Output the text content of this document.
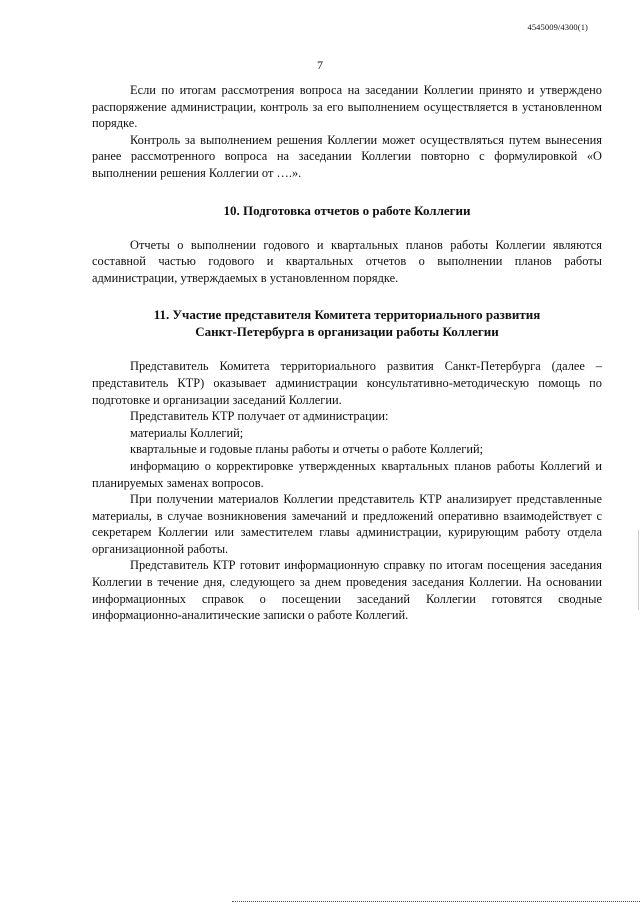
4545009/4300(1)
7

Если по итогам рассмотрения вопроса на заседании Коллегии принято и утверждено распоряжение администрации, контроль за его выполнением осуществляется в установленном порядке.

Контроль за выполнением решения Коллегии может осуществляться путем вынесения ранее рассмотренного вопроса на заседании Коллегии повторно с формулировкой «О выполнении решения Коллегии от ….».

10. Подготовка отчетов о работе Коллегии

Отчеты о выполнении годового и квартальных планов работы Коллегии являются составной частью годового и квартальных отчетов о выполнении планов работы администрации, утверждаемых в установленном порядке.

11. Участие представителя Комитета территориального развития
Санкт-Петербурга в организации работы Коллегии

Представитель Комитета территориального развития Санкт-Петербурга (далее – представитель КТР) оказывает администрации консультативно-методическую помощь по подготовке и организации заседаний Коллегии.

Представитель КТР получает от администрации:

материалы Коллегий;

квартальные и годовые планы работы и отчеты о работе Коллегий;

информацию о корректировке утвержденных квартальных планов работы Коллегий и планируемых заменах вопросов.

При получении материалов Коллегии представитель КТР анализирует представленные материалы, в случае возникновения замечаний и предложений оперативно взаимодействует с секретарем Коллегии или заместителем главы администрации, курирующим работу отдела организационной работы.

Представитель КТР готовит информационную справку по итогам посещения заседания Коллегии в течение дня, следующего за днем проведения заседания Коллегии. На основании информационных справок о посещении заседаний Коллегии готовятся сводные информационно-аналитические записки о работе Коллегий.
